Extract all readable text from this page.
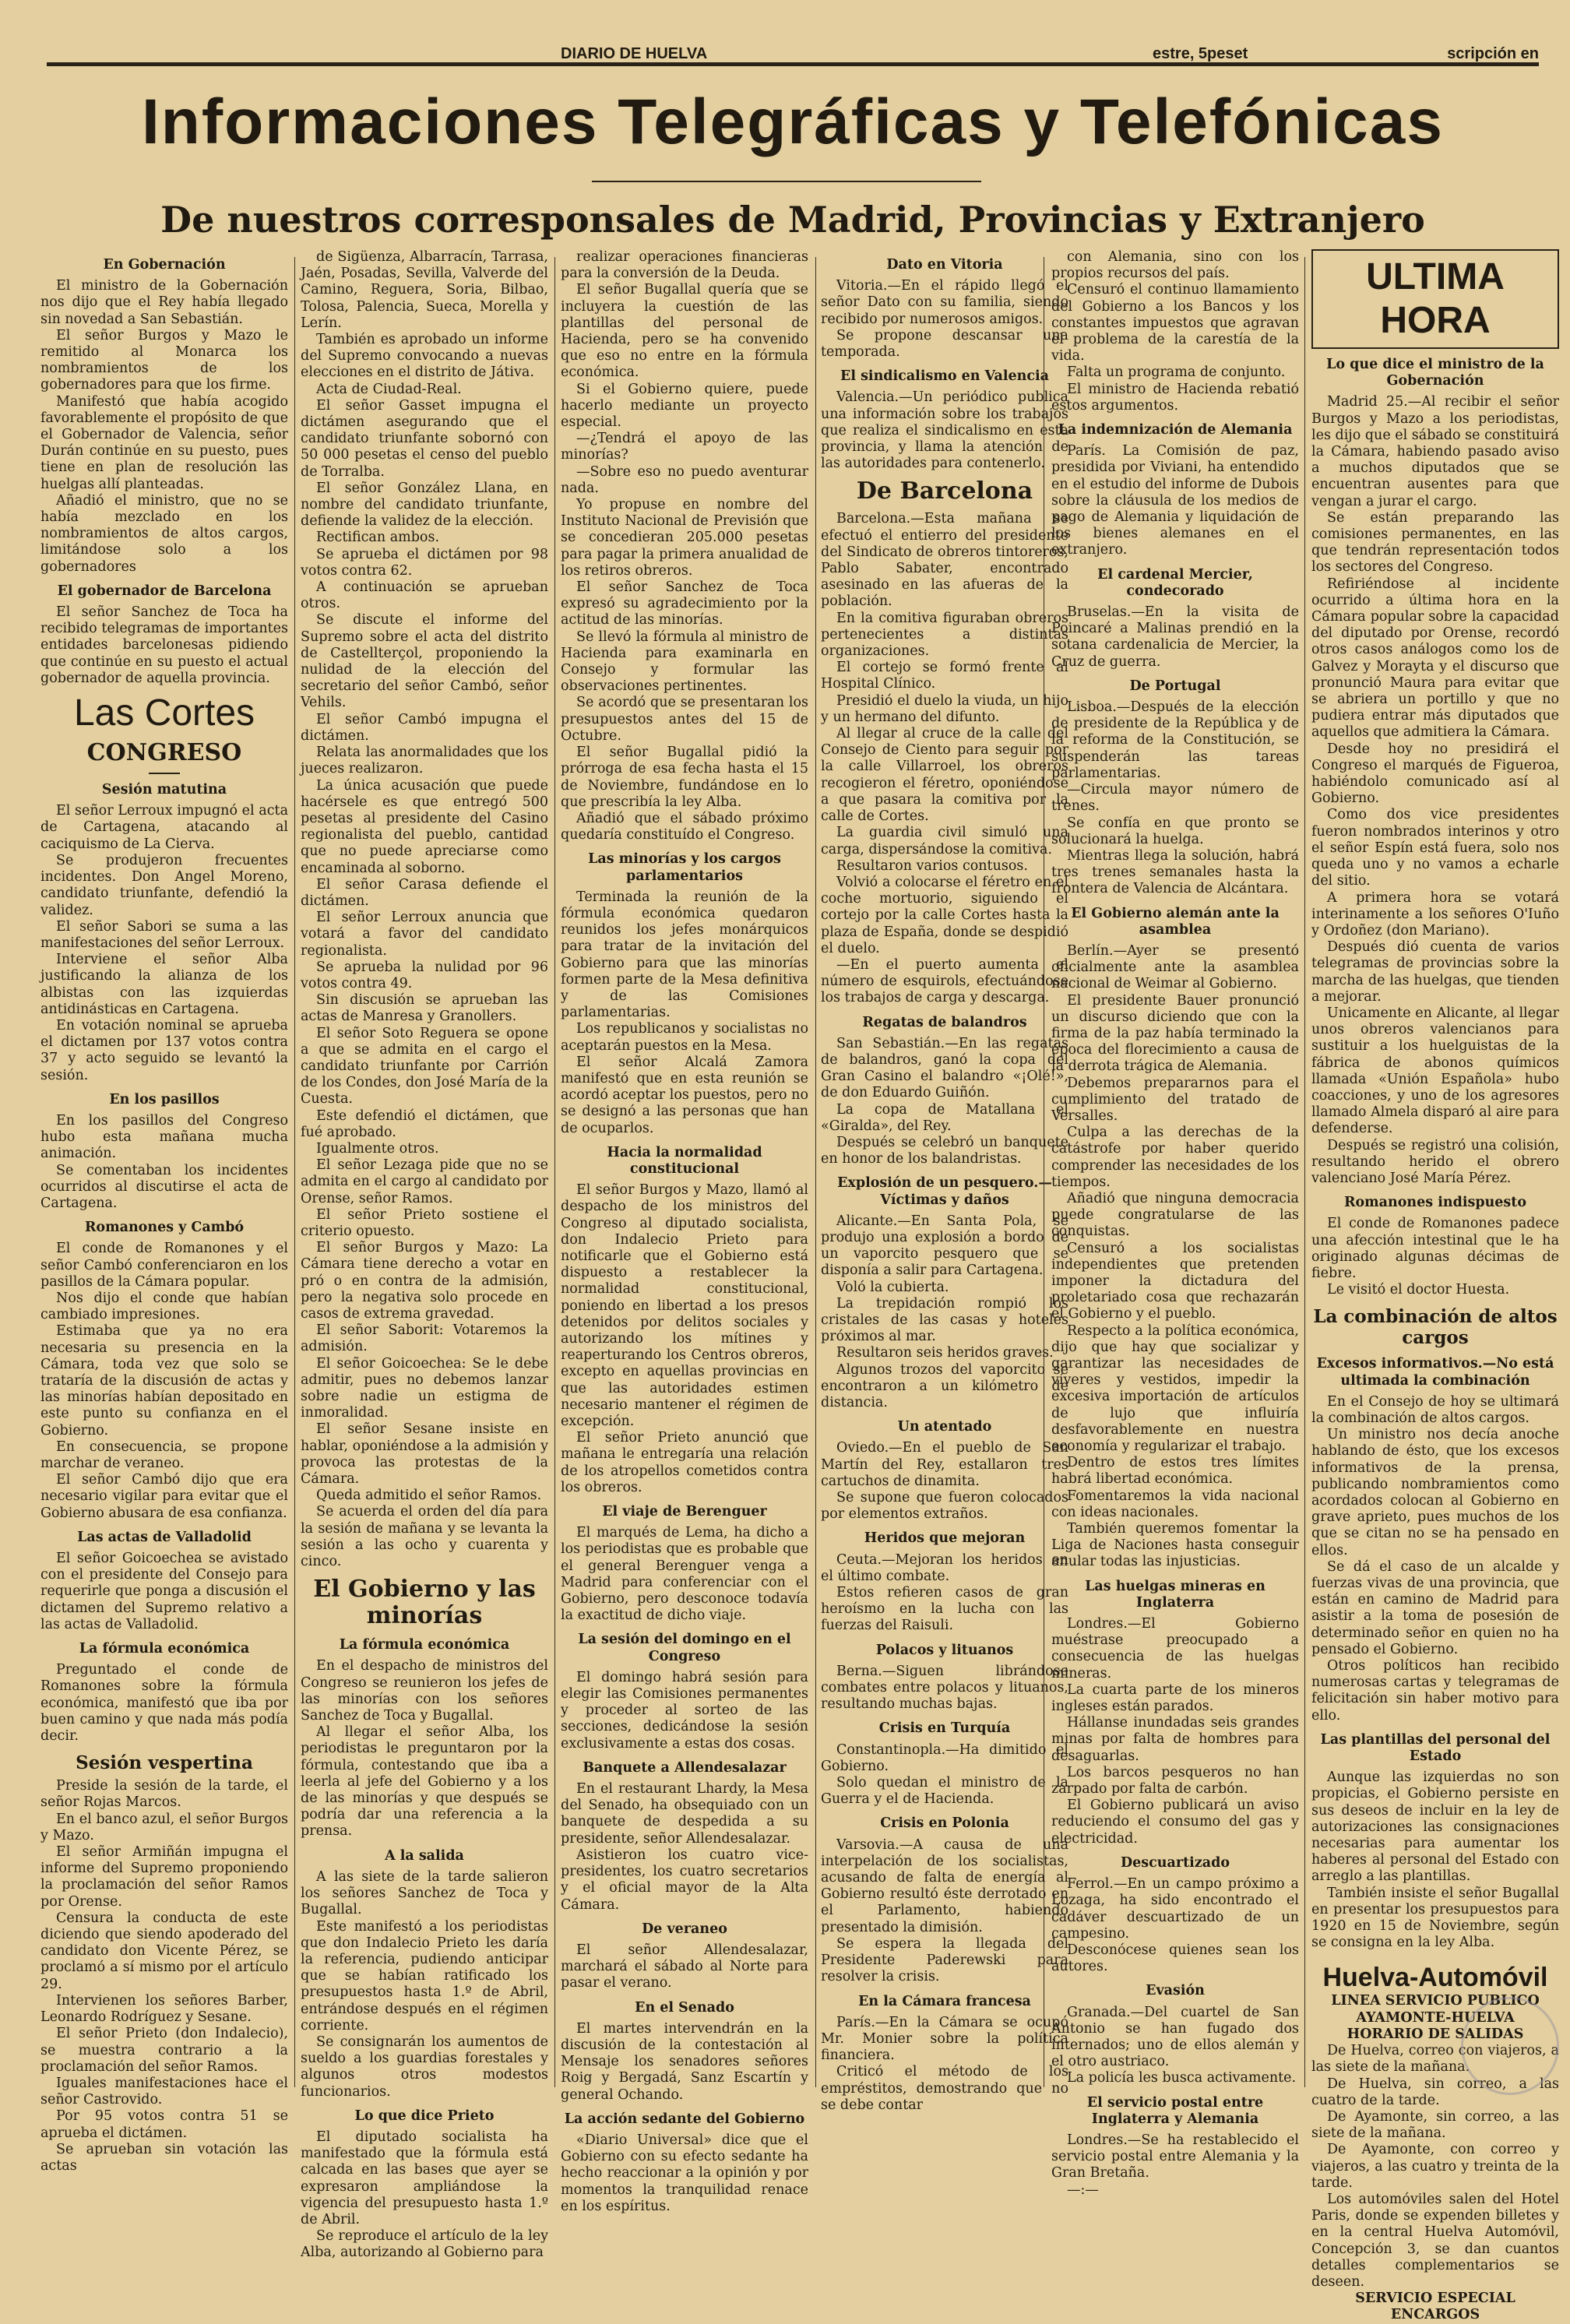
DIARIO DE HUELVA	estre, 5peset	scripción en
Informaciones Telegráficas y Telefónicas
De nuestros corresponsales de Madrid, Provincias y Extranjero
En Gobernación

El ministro de la Gobernación nos dijo que el Rey había llegado sin novedad a San Sebastián.

El señor Burgos y Mazo le remitido al Monarca los nombramientos de los gobernadores para que los firme.

Manifestó que había acogido favorablemente el propósito de que el Gobernador de Valencia, señor Durán continúe en su puesto, pues tiene en plan de resolución las huelgas allí planteadas.

Añadió el ministro, que no se había mezclado en los nombramientos de altos cargos, limitándose solo a los gobernadores

El gobernador de Barcelona

El señor Sanchez de Toca ha recibido telegramas de importantes entidades barcelonesas pidiendo que continúe en su puesto el actual gobernador de aquella provincia.

Las Cortes
CONGRESO
Sesión matutina

El señor Lerroux impugnó el acta de Cartagena, atacando al caciquismo de La Cierva.

Se produjeron frecuentes incidentes. Don Angel Moreno, candidato triunfante, defendió la validez.

El señor Sabori se suma a las manifestaciones del señor Lerroux.

Interviene el señor Alba justificando la alianza de los albistas con las izquierdas antidinásticas en Cartagena.

En votación nominal se aprueba el dictamen por 137 votos contra 37 y acto seguido se levantó la sesión.

En los pasillos

En los pasillos del Congreso hubo esta mañana mucha animación.

Se comentaban los incidentes ocurridos al discutirse el acta de Cartagena.

Romanones y Cambó

El conde de Romanones y el señor Cambó conferenciaron en los pasillos de la Cámara popular.

Nos dijo el conde que habían cambiado impresiones.

Estimaba que ya no era necesaria su presencia en la Cámara, toda vez que solo se trataría de la discusión de actas y las minorías habían depositado en este punto su confianza en el Gobierno.

En consecuencia, se propone marchar de veraneo.

El señor Cambó dijo que era necesario vigilar para evitar que el Gobierno abusara de esa confianza.

Las actas de Valladolid

El señor Goicoechea se avistado con el presidente del Consejo para requerirle que ponga a discusión el dictamen del Supremo relativo a las actas de Valladolid.

La fórmula económica

Preguntado el conde de Romanones sobre la fórmula económica, manifestó que iba por buen camino y que nada más podía decir.

Sesión vespertina

Preside la sesión de la tarde, el señor Rojas Marcos.

En el banco azul, el señor Burgos y Mazo.

El señor Armiñán impugna el informe del Supremo proponiendo la proclamación del señor Ramos por Orense.

Censura la conducta de este diciendo que siendo apoderado del candidato don Vicente Pérez, se proclamó a sí mismo por el artículo 29.

Intervienen los señores Barber, Leonardo Rodríguez y Sesane.

El señor Prieto (don Indalecio), se muestra contrario a la proclamación del señor Ramos.

Iguales manifestaciones hace el señor Castrovido.

Por 95 votos contra 51 se aprueba el dictámen.

Se aprueban sin votación las actas

de Sigüenza, Albarracín, Tarrasa, Jaén, Posadas, Sevilla, Valverde del Camino, Reguera, Soria, Bilbao, Tolosa, Palencia, Sueca, Morella y Lerín.

También es aprobado un informe del Supremo convocando a nuevas elecciones en el distrito de Játiva.

Acta de Ciudad-Real.

El señor Gasset impugna el dictámen asegurando que el candidato triunfante sobornó con 50 000 pesetas el censo del pueblo de Torralba.

El señor González Llana, en nombre del candidato triunfante, defiende la validez de la elección.

Rectifican ambos.

Se aprueba el dictámen por 98 votos contra 62.

A continuación se aprueban otros.

Se discute el informe del Supremo sobre el acta del distrito de Castellterçol, proponiendo la nulidad de la elección del secretario del señor Cambó, señor Vehils.

El señor Cambó impugna el dictámen.

Relata las anormalidades que los jueces realizaron.

La única acusación que puede hacérsele es que entregó 500 pesetas al presidente del Casino regionalista del pueblo, cantidad que no puede apreciarse como encaminada al soborno.

El señor Carasa defiende el dictámen.

El señor Lerroux anuncia que votará a favor del candidato regionalista.

Se aprueba la nulidad por 96 votos contra 49.

Sin discusión se aprueban las actas de Manresa y Granollers.

El señor Soto Reguera se opone a que se admita en el cargo el candidato triunfante por Carrión de los Condes, don José María de la Cuesta.

Este defendió el dictámen, que fué aprobado.

Igualmente otros.

El señor Lezaga pide que no se admita en el cargo al candidato por Orense, señor Ramos.

El señor Prieto sostiene el criterio opuesto.

El señor Burgos y Mazo: La Cámara tiene derecho a votar en pró o en contra de la admisión, pero la negativa solo procede en casos de extrema gravedad.

El señor Saborit: Votaremos la admisión.

El señor Goicoechea: Se le debe admitir, pues no debemos lanzar sobre nadie un estigma de inmoralidad.

El señor Sesane insiste en hablar, oponiéndose a la admisión y provoca las protestas de la Cámara.

Queda admitido el señor Ramos.

Se acuerda el orden del día para la sesión de mañana y se levanta la sesión a las ocho y cuarenta y cinco.

El Gobierno y las minorías
La fórmula económica

En el despacho de ministros del Congreso se reunieron los jefes de las minorías con los señores Sanchez de Toca y Bugallal.

Al llegar el señor Alba, los periodistas le preguntaron por la fórmula, contestando que iba a leerla al jefe del Gobierno y a los de las minorías y que después se podría dar una referencia a la prensa.

A la salida

A las siete de la tarde salieron los señores Sanchez de Toca y Bugallal.

Este manifestó a los periodistas que don Indalecio Prieto les daría la referencia, pudiendo anticipar que se habían ratificado los presupuestos hasta 1.º de Abril, entrándose después en el régimen corriente.

Se consignarán los aumentos de sueldo a los guardias forestales y algunos otros modestos funcionarios.

Lo que dice Prieto

El diputado socialista ha manifestado que la fórmula está calcada en las bases que ayer se expresaron ampliándose la vigencia del presupuesto hasta 1.º de Abril.

Se reproduce el artículo de la ley Alba, autorizando al Gobierno para

realizar operaciones financieras para la conversión de la Deuda.

El señor Bugallal quería que se incluyera la cuestión de las plantillas del personal de Hacienda, pero se ha convenido que eso no entre en la fórmula económica.

Si el Gobierno quiere, puede hacerlo mediante un proyecto especial.

—¿Tendrá el apoyo de las minorías?

—Sobre eso no puedo aventurar nada.

Yo propuse en nombre del Instituto Nacional de Previsión que se concedieran 205.000 pesetas para pagar la primera anualidad de los retiros obreros.

El señor Sanchez de Toca expresó su agradecimiento por la actitud de las minorías.

Se llevó la fórmula al ministro de Hacienda para examinarla en Consejo y formular las observaciones pertinentes.

Se acordó que se presentaran los presupuestos antes del 15 de Octubre.

El señor Bugallal pidió la prórroga de esa fecha hasta el 15 de Noviembre, fundándose en lo que prescribía la ley Alba.

Añadió que el sábado próximo quedaría constituído el Congreso.

Las minorías y los cargos parlamentarios

Terminada la reunión de la fórmula económica quedaron reunidos los jefes monárquicos para tratar de la invitación del Gobierno para que las minorías formen parte de la Mesa definitiva y de las Comisiones parlamentarias.

Los republicanos y socialistas no aceptarán puestos en la Mesa.

El señor Alcalá Zamora manifestó que en esta reunión se acordó aceptar los puestos, pero no se designó a las personas que han de ocuparlos.

Hacia la normalidad constitucional

El señor Burgos y Mazo, llamó al despacho de los ministros del Congreso al diputado socialista, don Indalecio Prieto para notificarle que el Gobierno está dispuesto a restablecer la normalidad constitucional, poniendo en libertad a los presos detenidos por delitos sociales y autorizando los mítines y reaperturando los Centros obreros, excepto en aquellas provincias en que las autoridades estimen necesario mantener el régimen de excepción.

El señor Prieto anunció que mañana le entregaría una relación de los atropellos cometidos contra los obreros.

El viaje de Berenguer

El marqués de Lema, ha dicho a los periodistas que es probable que el general Berenguer venga a Madrid para conferenciar con el Gobierno, pero desconoce todavía la exactitud de dicho viaje.

La sesión del domingo en el Congreso

El domingo habrá sesión para elegir las Comisiones permanentes y proceder al sorteo de las secciones, dedicándose la sesión exclusivamente a estas dos cosas.

Banquete a Allendesalazar

En el restaurant Lhardy, la Mesa del Senado, ha obsequiado con un banquete de despedida a su presidente, señor Allendesalazar.

Asistieron los cuatro vice-presidentes, los cuatro secretarios y el oficial mayor de la Alta Cámara.

De veraneo

El señor Allendesalazar, marchará el sábado al Norte para pasar el verano.

En el Senado

El martes intervendrán en la discusión de la contestación al Mensaje los senadores señores Roig y Bergadá, Sanz Escartín y general Ochando.

La acción sedante del Gobierno

«Diario Universal» dice que el Gobierno con su efecto sedante ha hecho reaccionar a la opinión y por momentos la tranquilidad renace en los espíritus.

Dato en Vitoria

Vitoria.—En el rápido llegó el señor Dato con su familia, siendo recibido por numerosos amigos.

Se propone descansar una temporada.

El sindicalismo en Valencia

Valencia.—Un periódico publica una información sobre los trabajos que realiza el sindicalismo en esta provincia, y llama la atención de las autoridades para contenerlo.

De Barcelona

Barcelona.—Esta mañana se efectuó el entierro del presidente del Sindicato de obreros tintoreros, Pablo Sabater, encontrado asesinado en las afueras de la población.

En la comitiva figuraban obreros pertenecientes a distintas organizaciones.

El cortejo se formó frente al Hospital Clínico.

Presidió el duelo la viuda, un hijo y un hermano del difunto.

Al llegar al cruce de la calle del Consejo de Ciento para seguir por la calle Villarroel, los obreros recogieron el féretro, oponiéndose a que pasara la comitiva por la calle de Cortes.

La guardia civil simuló una carga, dispersándose la comitiva.

Resultaron varios contusos.

Volvió a colocarse el féretro en el coche mortuorio, siguiendo el cortejo por la calle Cortes hasta la plaza de España, donde se despidió el duelo.

—En el puerto aumenta el número de esquirols, efectuándose los trabajos de carga y descarga.

Regatas de balandros

San Sebastián.—En las regatas de balandros, ganó la copa del Gran Casino el balandro «¡Olé!», de don Eduardo Guiñón.

La copa de Matallana el «Giralda», del Rey.

Después se celebró un banquete en honor de los balandristas.

Explosión de un pesquero.—Víctimas y daños

Alicante.—En Santa Pola, se produjo una explosión a bordo de un vaporcito pesquero que se disponía a salir para Cartagena.

Voló la cubierta.

La trepidación rompió los cristales de las casas y hoteles próximos al mar.

Resultaron seis heridos graves.

Algunos trozos del vaporcito se encontraron a un kilómetro de distancia.

Un atentado

Oviedo.—En el pueblo de San Martín del Rey, estallaron tres cartuchos de dinamita.

Se supone que fueron colocados por elementos extraños.

Heridos que mejoran

Ceuta.—Mejoran los heridos en el último combate.

Estos refieren casos de gran heroísmo en la lucha con las fuerzas del Raisuli.

Polacos y lituanos

Berna.—Siguen librándose combates entre polacos y lituanos, resultando muchas bajas.

Crisis en Turquía

Constantinopla.—Ha dimitido el Gobierno.

Solo quedan el ministro de la Guerra y el de Hacienda.

Crisis en Polonia

Varsovia.—A causa de una interpelación de los socialistas, acusando de falta de energía al Gobierno resultó éste derrotado en el Parlamento, habiendo presentado la dimisión.

Se espera la llegada del Presidente Paderewski para resolver la crisis.

En la Cámara francesa

París.—En la Cámara se ocupó Mr. Monier sobre la política financiera.

Criticó el método de los empréstitos, demostrando que no se debe contar

con Alemania, sino con los propios recursos del país.

Censuró el continuo llamamiento del Gobierno a los Bancos y los constantes impuestos que agravan el problema de la carestía de la vida.

Falta un programa de conjunto.

El ministro de Hacienda rebatió estos argumentos.

La indemnización de Alemania

París. La Comisión de paz, presidida por Viviani, ha entendido en el estudio del informe de Dubois sobre la cláusula de los medios de pago de Alemania y liquidación de los bienes alemanes en el extranjero.

El cardenal Mercier, condecorado

Bruselas.—En la visita de Poincaré a Malinas prendió en la sotana cardenalicia de Mercier, la Cruz de guerra.

De Portugal

Lisboa.—Después de la elección de presidente de la República y de la reforma de la Constitución, se suspenderán las tareas parlamentarias.

—Circula mayor número de trenes.

Se confía en que pronto se solucionará la huelga.

Mientras llega la solución, habrá tres trenes semanales hasta la frontera de Valencia de Alcántara.

El Gobierno alemán ante la asamblea

Berlín.—Ayer se presentó oficialmente ante la asamblea nacional de Weimar al Gobierno.

El presidente Bauer pronunció un discurso diciendo que con la firma de la paz había terminado la época del florecimiento a causa de la derrota trágica de Alemania.

Debemos prepararnos para el cumplimiento del tratado de Versalles.

Culpa a las derechas de la catástrofe por haber querido comprender las necesidades de los tiempos.

Añadió que ninguna democracia puede congratularse de las conquistas.

Censuró a los socialistas independientes que pretenden imponer la dictadura del proletariado cosa que rechazarán el Gobierno y el pueblo.

Respecto a la política económica, dijo que hay que socializar y garantizar las necesidades de víveres y vestidos, impedir la excesiva importación de artículos de lujo que influiría desfavorablemente en nuestra economía y regularizar el trabajo.

Dentro de estos tres límites habrá libertad económica.

Fomentaremos la vida nacional con ideas nacionales.

También queremos fomentar la Liga de Naciones hasta conseguir anular todas las injusticias.

Las huelgas mineras en Inglaterra

Londres.—El Gobierno muéstrase preocupado a consecuencia de las huelgas mineras.

La cuarta parte de los mineros ingleses están parados.

Hállanse inundadas seis grandes minas por falta de hombres para desaguarlas.

Los barcos pesqueros no han zarpado por falta de carbón.

El Gobierno publicará un aviso reduciendo el consumo del gas y electricidad.

Descuartizado

Ferrol.—En un campo próximo a Lozaga, ha sido encontrado el cadáver descuartizado de un campesino.

Desconócese quienes sean los autores.

Evasión

Granada.—Del cuartel de San Antonio se han fugado dos internados; uno de ellos alemán y el otro austriaco.

La policía les busca activamente.

El servicio postal entre Inglaterra y Alemania

Londres.—Se ha restablecido el servicio postal entre Alemania y la Gran Bretaña.

—:—

ULTIMA HORA
Lo que dice el ministro de la Gobernación

Madrid 25.—Al recibir el señor Burgos y Mazo a los periodistas, les dijo que el sábado se constituirá la Cámara, habiendo pasado aviso a muchos diputados que se encuentran ausentes para que vengan a jurar el cargo.

Se están preparando las comisiones permanentes, en las que tendrán representación todos los sectores del Congreso.

Refiriéndose al incidente ocurrido a última hora en la Cámara popular sobre la capacidad del diputado por Orense, recordó otros casos análogos como los de Galvez y Morayta y el discurso que pronunció Maura para evitar que se abriera un portillo y que no pudiera entrar más diputados que aquellos que admitiera la Cámara.

Desde hoy no presidirá el Congreso el marqués de Figueroa, habiéndolo comunicado así al Gobierno.

Como dos vice presidentes fueron nombrados interinos y otro el señor Espín está fuera, solo nos queda uno y no vamos a echarle del sitio.

A primera hora se votará interinamente a los señores O'Iuño y Ordoñez (don Mariano).

Después dió cuenta de varios telegramas de provincias sobre la marcha de las huelgas, que tienden a mejorar.

Unicamente en Alicante, al llegar unos obreros valencianos para sustituir a los huelguistas de la fábrica de abonos químicos llamada «Unión Española» hubo coacciones, y uno de los agresores llamado Almela disparó al aire para defenderse.

Después se registró una colisión, resultando herido el obrero valenciano José María Pérez.

Romanones indispuesto

El conde de Romanones padece una afección intestinal que le ha originado algunas décimas de fiebre.

Le visitó el doctor Huesta.

La combinación de altos cargos
Excesos informativos.—No está ultimada la combinación

En el Consejo de hoy se ultimará la combinación de altos cargos.

Un ministro nos decía anoche hablando de ésto, que los excesos informativos de la prensa, publicando nombramientos como acordados colocan al Gobierno en grave aprieto, pues muchos de los que se citan no se ha pensado en ellos.

Se dá el caso de un alcalde y fuerzas vivas de una provincia, que están en camino de Madrid para asistir a la toma de posesión de determinado señor en quien no ha pensado el Gobierno.

Otros políticos han recibido numerosas cartas y telegramas de felicitación sin haber motivo para ello.

Las plantillas del personal del Estado

Aunque las izquierdas no son propicias, el Gobierno persiste en sus deseos de incluir en la ley de autorizaciones las consignaciones necesarias para aumentar los haberes al personal del Estado con arreglo a las plantillas.

También insiste el señor Bugallal en presentar los presupuestos para 1920 en 15 de Noviembre, según se consigna en la ley Alba.

Huelva-Automóvil
LINEA SERVICIO PUBLICO
AYAMONTE-HUELVA
HORARIO DE SALIDAS

De Huelva, correo con viajeros, a las siete de la mañana.

De Huelva, sin correo, a las cuatro de la tarde.

De Ayamonte, sin correo, a las siete de la mañana.

De Ayamonte, con correo y viajeros, a las cuatro y treinta de la tarde.

Los automóviles salen del Hotel Paris, donde se expenden billetes y en la central Huelva Automóvil, Concepción 3, se dan cuantos detalles complementarios se deseen.

SERVICIO ESPECIAL ENCARGOS
